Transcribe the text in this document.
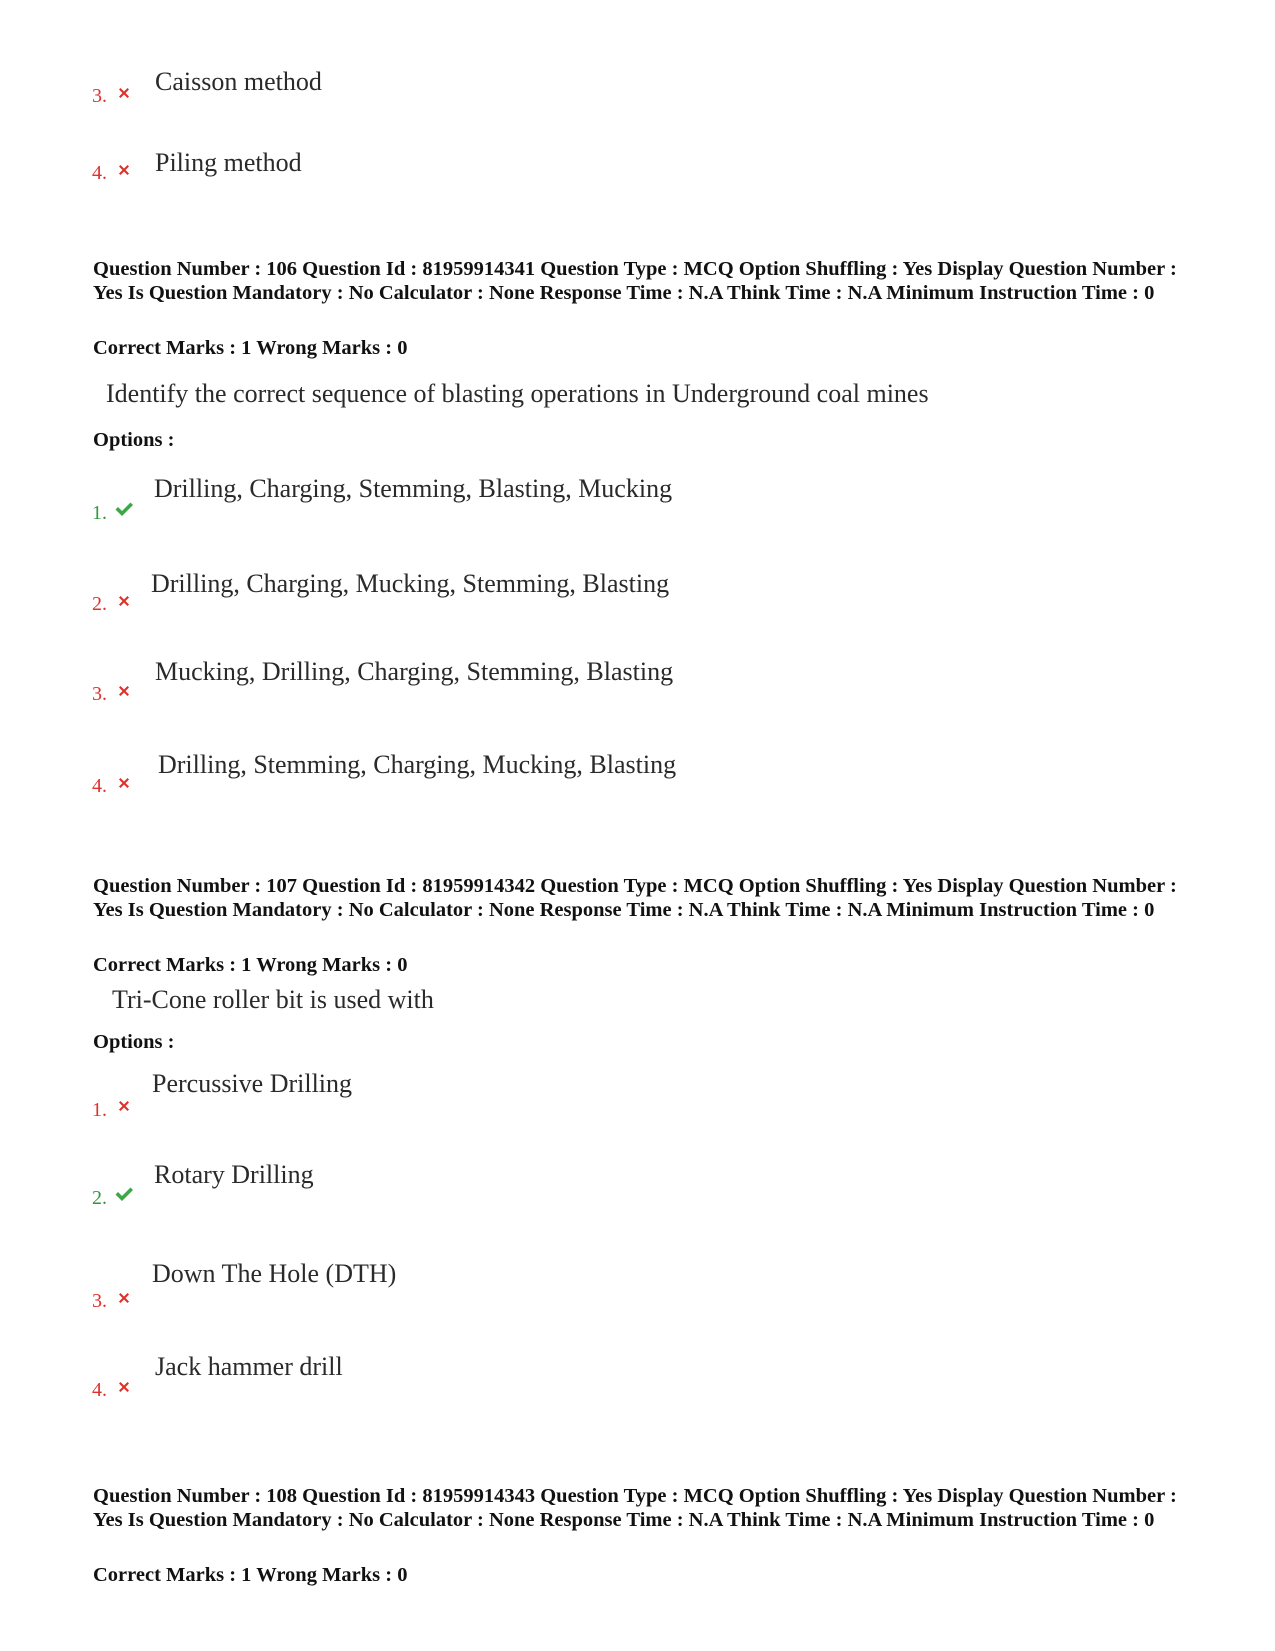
3. Caisson method
4. Piling method
Question Number : 106 Question Id : 81959914341 Question Type : MCQ Option Shuffling : Yes Display Question Number : Yes Is Question Mandatory : No Calculator : None Response Time : N.A Think Time : N.A Minimum Instruction Time : 0
Correct Marks : 1 Wrong Marks : 0
Identify the correct sequence of blasting operations in Underground coal mines
Options :
1.
Drilling, Charging, Stemming, Blasting, Mucking
2.
Drilling, Charging, Mucking, Stemming, Blasting
3.
Mucking, Drilling, Charging, Stemming, Blasting
4.
Drilling, Stemming, Charging, Mucking, Blasting
Question Number : 107 Question Id : 81959914342 Question Type : MCQ Option Shuffling : Yes Display Question Number : Yes Is Question Mandatory : No Calculator : None Response Time : N.A Think Time : N.A Minimum Instruction Time : 0
Correct Marks : 1 Wrong Marks : 0
Tri-Cone roller bit is used with
Options :
1.
Percussive Drilling
2.
Rotary Drilling
3.
Down The Hole (DTH)
4.
Jack hammer drill
Question Number : 108 Question Id : 81959914343 Question Type : MCQ Option Shuffling : Yes Display Question Number : Yes Is Question Mandatory : No Calculator : None Response Time : N.A Think Time : N.A Minimum Instruction Time : 0
Correct Marks : 1 Wrong Marks : 0
